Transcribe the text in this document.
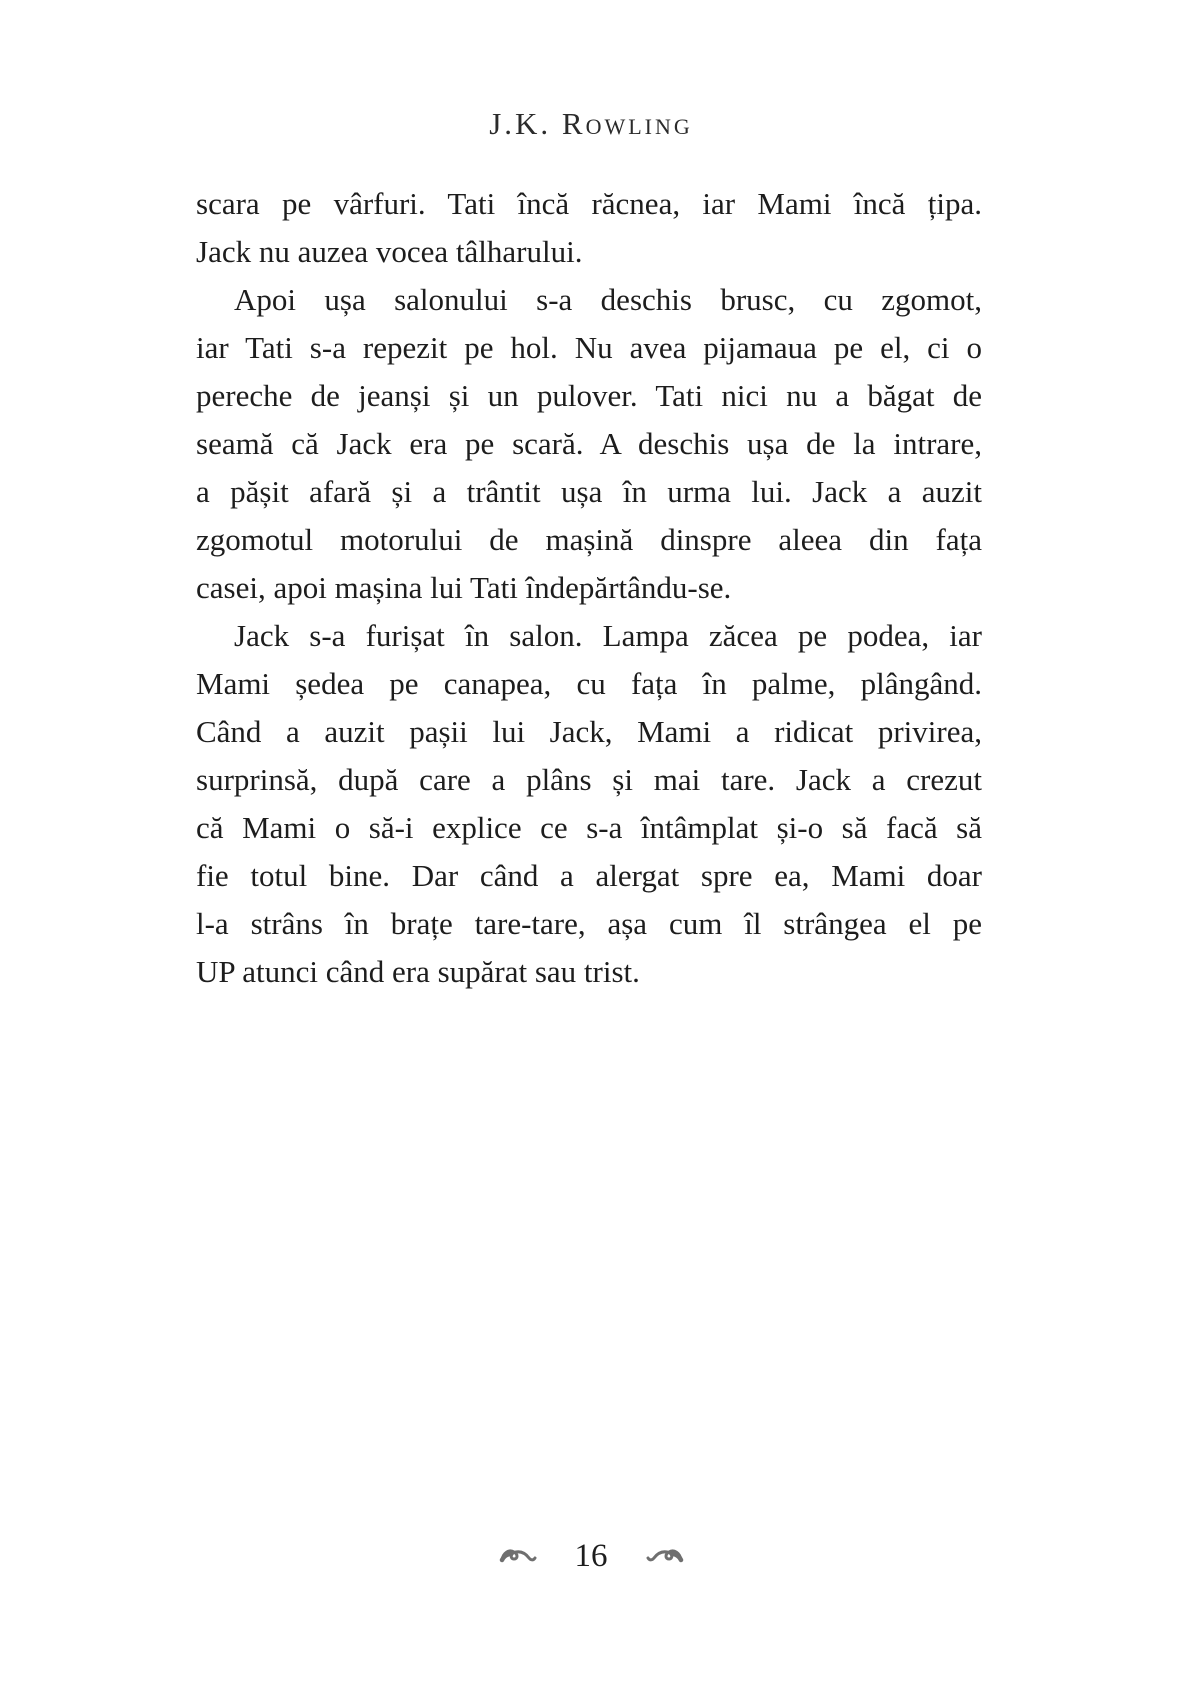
J.K. Rowling
scara pe vârfuri. Tati încă răcnea, iar Mami încă țipa.
Jack nu auzea vocea tâlharului.
Apoi ușa salonului s-a deschis brusc, cu zgomot,
iar Tati s-a repezit pe hol. Nu avea pijamaua pe el, ci o
pereche de jeanși și un pulover. Tati nici nu a băgat de
seamă că Jack era pe scară. A deschis ușa de la intrare,
a pășit afară și a trântit ușa în urma lui. Jack a auzit
zgomotul motorului de mașină dinspre aleea din fața
casei, apoi mașina lui Tati îndepărtându-se.
Jack s-a furișat în salon. Lampa zăcea pe podea, iar
Mami ședea pe canapea, cu fața în palme, plângând.
Când a auzit pașii lui Jack, Mami a ridicat privirea,
surprinsă, după care a plâns și mai tare. Jack a crezut
că Mami o să-i explice ce s-a întâmplat și-o să facă să
fie totul bine. Dar când a alergat spre ea, Mami doar
l-a strâns în brațe tare-tare, așa cum îl strângea el pe
UP atunci când era supărat sau trist.
16
